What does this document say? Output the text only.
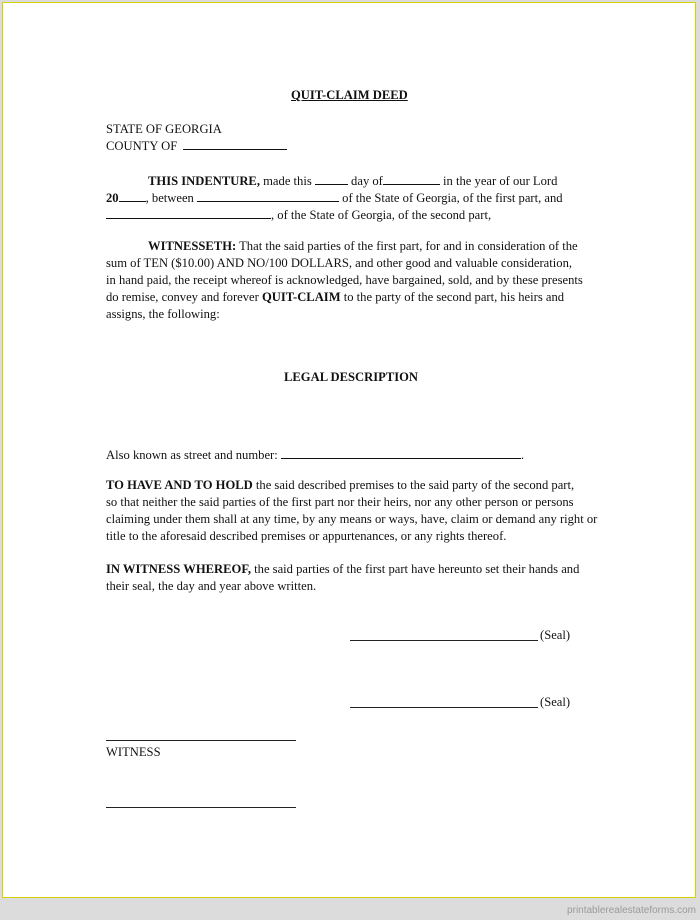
QUIT-CLAIM DEED
STATE OF GEORGIA
COUNTY OF
THIS INDENTURE, made this	day of	in the year of our Lord
20 , between	of the State of Georgia, of the first part, and
, of the State of Georgia, of the second part,
WITNESSETH: That the said parties of the first part, for and in consideration of the
sum of TEN ($10.00) AND NO/100 DOLLARS, and other good and valuable consideration,
in hand paid, the receipt whereof is acknowledged, have bargained, sold, and by these presents
do remise, convey and forever QUIT-CLAIM to the party of the second part, his heirs and
assigns, the following:
LEGAL DESCRIPTION
Also known as street and number:	.
TO HAVE AND TO HOLD the said described premises to the said party of the second part,
so that neither the said parties of the first part nor their heirs, nor any other person or persons
claiming under them shall at any time, by any means or ways, have, claim or demand any right or
title to the aforesaid described premises or appurtenances, or any rights thereof.
IN WITNESS WHEREOF, the said parties of the first part have hereunto set their hands and
their seal, the day and year above written.
(Seal)
(Seal)
WITNESS
printablerealestateforms.com
